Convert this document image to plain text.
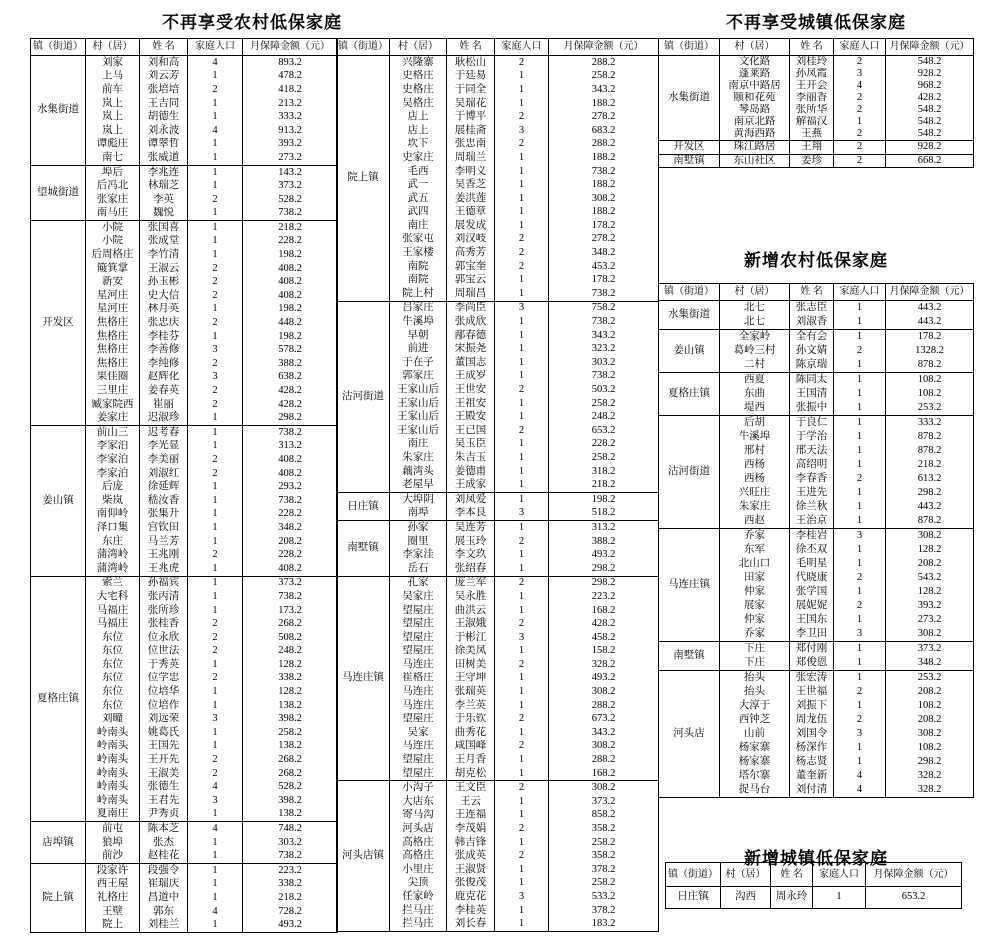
不再享受农村低保家庭	不再享受城镇低保家庭
新增农村低保家庭
新增城镇低保家庭
镇（街道）	村（居）	姓 名	家庭人口	月保障金额（元）
水集街道	刘家	刘和高	4	893.2
	上马	刘云芳	1	478.2
	前车	张培培	2	418.2
	岚上	王吉同	1	213.2
	岚上	胡德生	1	333.2
	岚上	刘永波	4	913.2
	谭彪庄	谭翠哲	1	393.2
	南七	张威道	1	273.2
望城街道	埠后	李兆连	1	143.2
	后冯北	林瑞芝	1	373.2
	张家庄	李英	2	528.2
	南马庄	魏悦	1	738.2
开发区	小院	张国喜	1	218.2
	小院	张成堂	1	228.2
	后周格庄	李竹清	1	198.2
	簸箕掌	王淑云	2	408.2
	新安	孙玉彬	2	408.2
	星河庄	史大信	2	408.2
	星河庄	林月英	1	198.2
	焦格庄	张忠庆	2	448.2
	焦格庄	李桂芬	1	198.2
	焦格庄	李善修	3	578.2
	焦格庄	李纯修	2	388.2
	果佳圈	赵辉化	3	638.2
	三里庄	姜春英	2	428.2
	臧家院西	崔丽	2	428.2
	姜家庄	迟淑珍	1	298.2
姜山镇	前山三	迟考春	1	738.2
	李家泊	李光显	1	313.2
	李家泊	李美丽	2	408.2
	李家泊	刘淑红	2	408.2
	后庞	徐延辉	1	293.2
	柴岚	嵇汝香	1	738.2
	南仰岭	张集升	1	228.2
	泽口集	宫钦田	1	348.2
	东庄	马兰芳	1	208.2
	蒲湾岭	王兆刚	2	228.2
	蒲湾岭	王兆虎	1	408.2
夏格庄镇	索兰	孙福宾	1	373.2
	大宅科	张丙清	1	738.2
	马福庄	张所珍	1	173.2
	马福庄	张桂香	2	268.2
	东位	位永欣	2	508.2
	东位	位世法	2	248.2
	东位	于秀英	1	128.2
	东位	位学忠	2	338.2
	东位	位培华	1	128.2
	东位	位培作	1	138.2
	刘疃	刘远荣	3	398.2
	岭南头	姚葛氏	1	258.2
	岭南头	王国先	1	138.2
	岭南头	王开先	2	268.2
	岭南头	王淑美	2	268.2
	岭南头	张德生	4	528.2
	岭南头	王君先	3	398.2
	夏南庄	尹秀贞	1	138.2
店埠镇	前屯	陈本芝	4	748.2
	狼埠	张杰	1	303.2
	前沙	赵桂花	1	738.2
院上镇	段家许	段强令	1	223.2
	西王屋	崔瑞庆	1	338.2
	礼格庄	昌道中	1	218.2
	王壁	郭东	4	728.2
	院上	刘桂兰	1	493.2
镇（街道）	村（居）	姓 名	家庭人口	月保障金额（元）
院上镇	兴隆寨	耿松山	2	288.2
	史格庄	于廷易	1	258.2
	史格庄	于同全	1	343.2
	吴格庄	吴瑞花	1	188.2
	店上	于博平	2	278.2
	店上	展桂斋	3	683.2
	坎下	张忠南	2	288.2
	史家庄	周瑞兰	1	188.2
	毛西	李明义	1	738.2
	武一	吴香芝	1	188.2
	武五	姜洪莲	1	308.2
	武四	王德章	1	188.2
	南庄	展发成	1	178.2
	张家屯	刘汉岐	2	278.2
	王家楼	高秀芳	2	348.2
	南院	郭宝奎	2	453.2
	南院	郭宝云	1	178.2
	院上村	周瑞昌	1	738.2
沽河街道	吕家庄	李尚臣	3	758.2
	牛溪埠	张成欣	1	738.2
	早朝	邴春德	1	343.2
	前进	宋振尧	1	323.2
	于在子	董国志	1	303.2
	郭家庄	王成岁	1	738.2
	王家山后	王世安	2	503.2
	王家山后	王祖安	1	258.2
	王家山后	王殿安	1	248.2
	王家山后	王已国	2	653.2
	南庄	吴玉臣	1	228.2
	朱家庄	朱吉玉	1	258.2
	藕湾头	姜德甫	1	318.2
	老屋早	王成家	1	218.2
日庄镇	大埠阴	刘凤爱	1	198.2
	南埠	李本良	3	518.2
南墅镇	孙家	吴连芳	1	313.2
	圈里	展玉玲	2	388.2
	李家洼	李文玖	1	493.2
	岳石	张绍春	1	298.2
马连庄镇	孔家	庞兰军	2	298.2
	吴家庄	吴永胜	1	223.2
	望屋庄	曲洪云	1	168.2
	望屋庄	王淑娥	2	428.2
	望屋庄	于彬江	3	458.2
	望屋庄	徐美凤	1	158.2
	马连庄	田树美	2	328.2
	崔格庄	王守坤	1	493.2
	马连庄	张瑞英	1	308.2
	马连庄	李兰英	1	288.2
	望屋庄	于乐钦	2	673.2
	吴家	曲秀花	1	343.2
	马连庄	咸国峰	2	308.2
	望屋庄	王月香	1	288.2
	望屋庄	胡克松	1	168.2
河头店镇	小沟子	王文臣	2	308.2
	大店东	王云	1	373.2
	寄马沟	王连福	1	858.2
	河头店	李茂娟	2	358.2
	高格庄	韩吉锋	1	258.2
	高格庄	张成英	2	358.2
	小里庄	王淑贤	1	378.2
	尖顶	张俊茂	1	258.2
	任家岭	鹿克花	3	533.2
	拦马庄	李桂英	1	378.2
	拦马庄	刘长春	1	183.2
镇（街道）	村（居）	姓 名	家庭人口	月保障金额（元）
水集街道	文化路	刘桂玲	2	548.2
	蓬莱路	孙凤霞	3	928.2
	南京中路居	王开会	4	968.2
	颐和花苑	李丽香	2	428.2
	琴岛路	张所华	2	548.2
	南京北路	解福汉	1	548.2
	黄海西路	王燕	2	548.2
开发区	珠江路居	王翔	2	928.2
南墅镇	东山社区	姜珍	2	668.2
镇（街道）	村（居）	姓 名	家庭人口	月保障金额（元）
水集街道	北七	张志臣	1	443.2
	北七	刘淑香	1	443.2
姜山镇	全家岭	全有会	1	178.2
	葛岭三村	孙文婧	2	1328.2
	二村	陈京瑞	1	878.2
夏格庄镇	西夏	陈同太	1	108.2
	东曲	王国清	1	108.2
	堤西	张振中	1	253.2
沽河街道	后胡	于良仁	1	333.2
	牛溪埠	于学治	1	878.2
	邢村	邢天法	1	878.2
	西杨	高绍明	1	218.2
	西杨	李春香	2	613.2
	兴旺庄	王进先	1	298.2
	朱家庄	徐兰秋	1	443.2
	西赵	王治京	1	878.2
马连庄镇	乔家	李桂岩	3	308.2
	东军	徐丕双	1	128.2
	北山口	毛明星	1	208.2
	田家	代晓康	2	543.2
	仲家	张学国	1	128.2
	展家	展妮妮	2	393.2
	仲家	王国东	1	273.2
	乔家	李卫田	3	308.2
南墅镇	下庄	郑付刚	1	373.2
	下庄	郑俊恩	1	348.2
河头店	抬头	张宏涛	1	253.2
	抬头	王世福	2	208.2
	大淳于	刘振下	1	108.2
	西钟芝	周龙伍	2	208.2
	山前	刘国令	3	308.2
	杨家寨	杨深作	1	108.2
	杨家寨	杨志贤	1	298.2
	塔尔寨	董奎新	4	328.2
	捉马台	刘付清	4	328.2
镇（街道）	村（居）	姓 名	家庭人口	月保障金额（元）
日庄镇	沟西	周永玲	1	653.2
